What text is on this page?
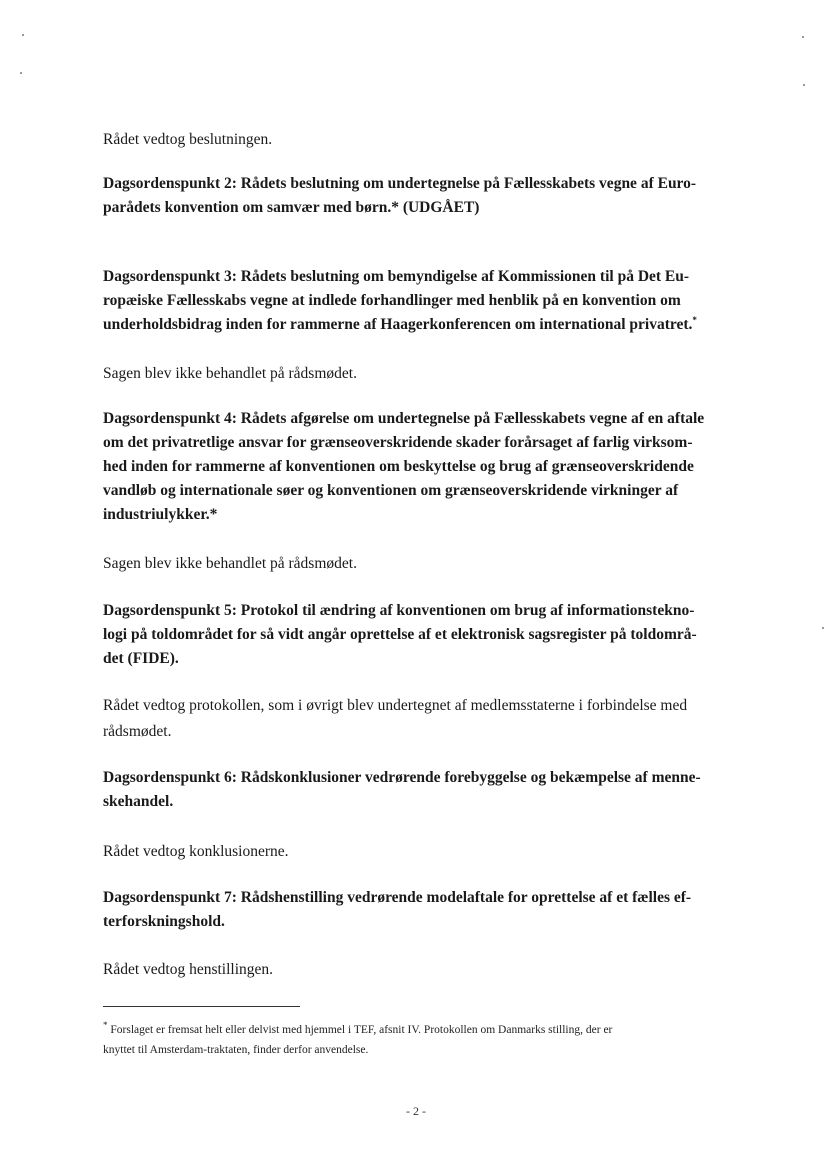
Rådet vedtog beslutningen.

Dagsordenspunkt 2: Rådets beslutning om undertegnelse på Fællesskabets vegne af Euro-
parådets konvention om samvær med børn.* (UDGÅET)
Dagsordenspunkt 3: Rådets beslutning om bemyndigelse af Kommissionen til på Det Eu-
ropæiske Fællesskabs vegne at indlede forhandlinger med henblik på en konvention om
underholdsbidrag inden for rammerne af Haagerkonferencen om international privatret.*

Sagen blev ikke behandlet på rådsmødet.

Dagsordenspunkt 4: Rådets afgørelse om undertegnelse på Fællesskabets vegne af en aftale
om det privatretlige ansvar for grænseoverskridende skader forårsaget af farlig virksom-
hed inden for rammerne af konventionen om beskyttelse og brug af grænseoverskridende
vandløb og internationale søer og konventionen om grænseoverskridende virkninger af
industriulykker.*

Sagen blev ikke behandlet på rådsmødet.

Dagsordenspunkt 5: Protokol til ændring af konventionen om brug af informationstekno-
logi på toldområdet for så vidt angår oprettelse af et elektronisk sagsregister på toldområ-
det (FIDE).
Rådet vedtog protokollen, som i øvrigt blev undertegnet af medlemsstaterne i forbindelse med
rådsmødet.
Dagsordenspunkt 6: Rådskonklusioner vedrørende forebyggelse og bekæmpelse af menne-
skehandel.

Rådet vedtog konklusionerne.

Dagsordenspunkt 7: Rådshenstilling vedrørende modelaftale for oprettelse af et fælles ef-
terforskningshold.

Rådet vedtog henstillingen.

* Forslaget er fremsat helt eller delvist med hjemmel i TEF, afsnit IV. Protokollen om Danmarks stilling, der er
knyttet til Amsterdam-traktaten, finder derfor anvendelse.
- 2 -
